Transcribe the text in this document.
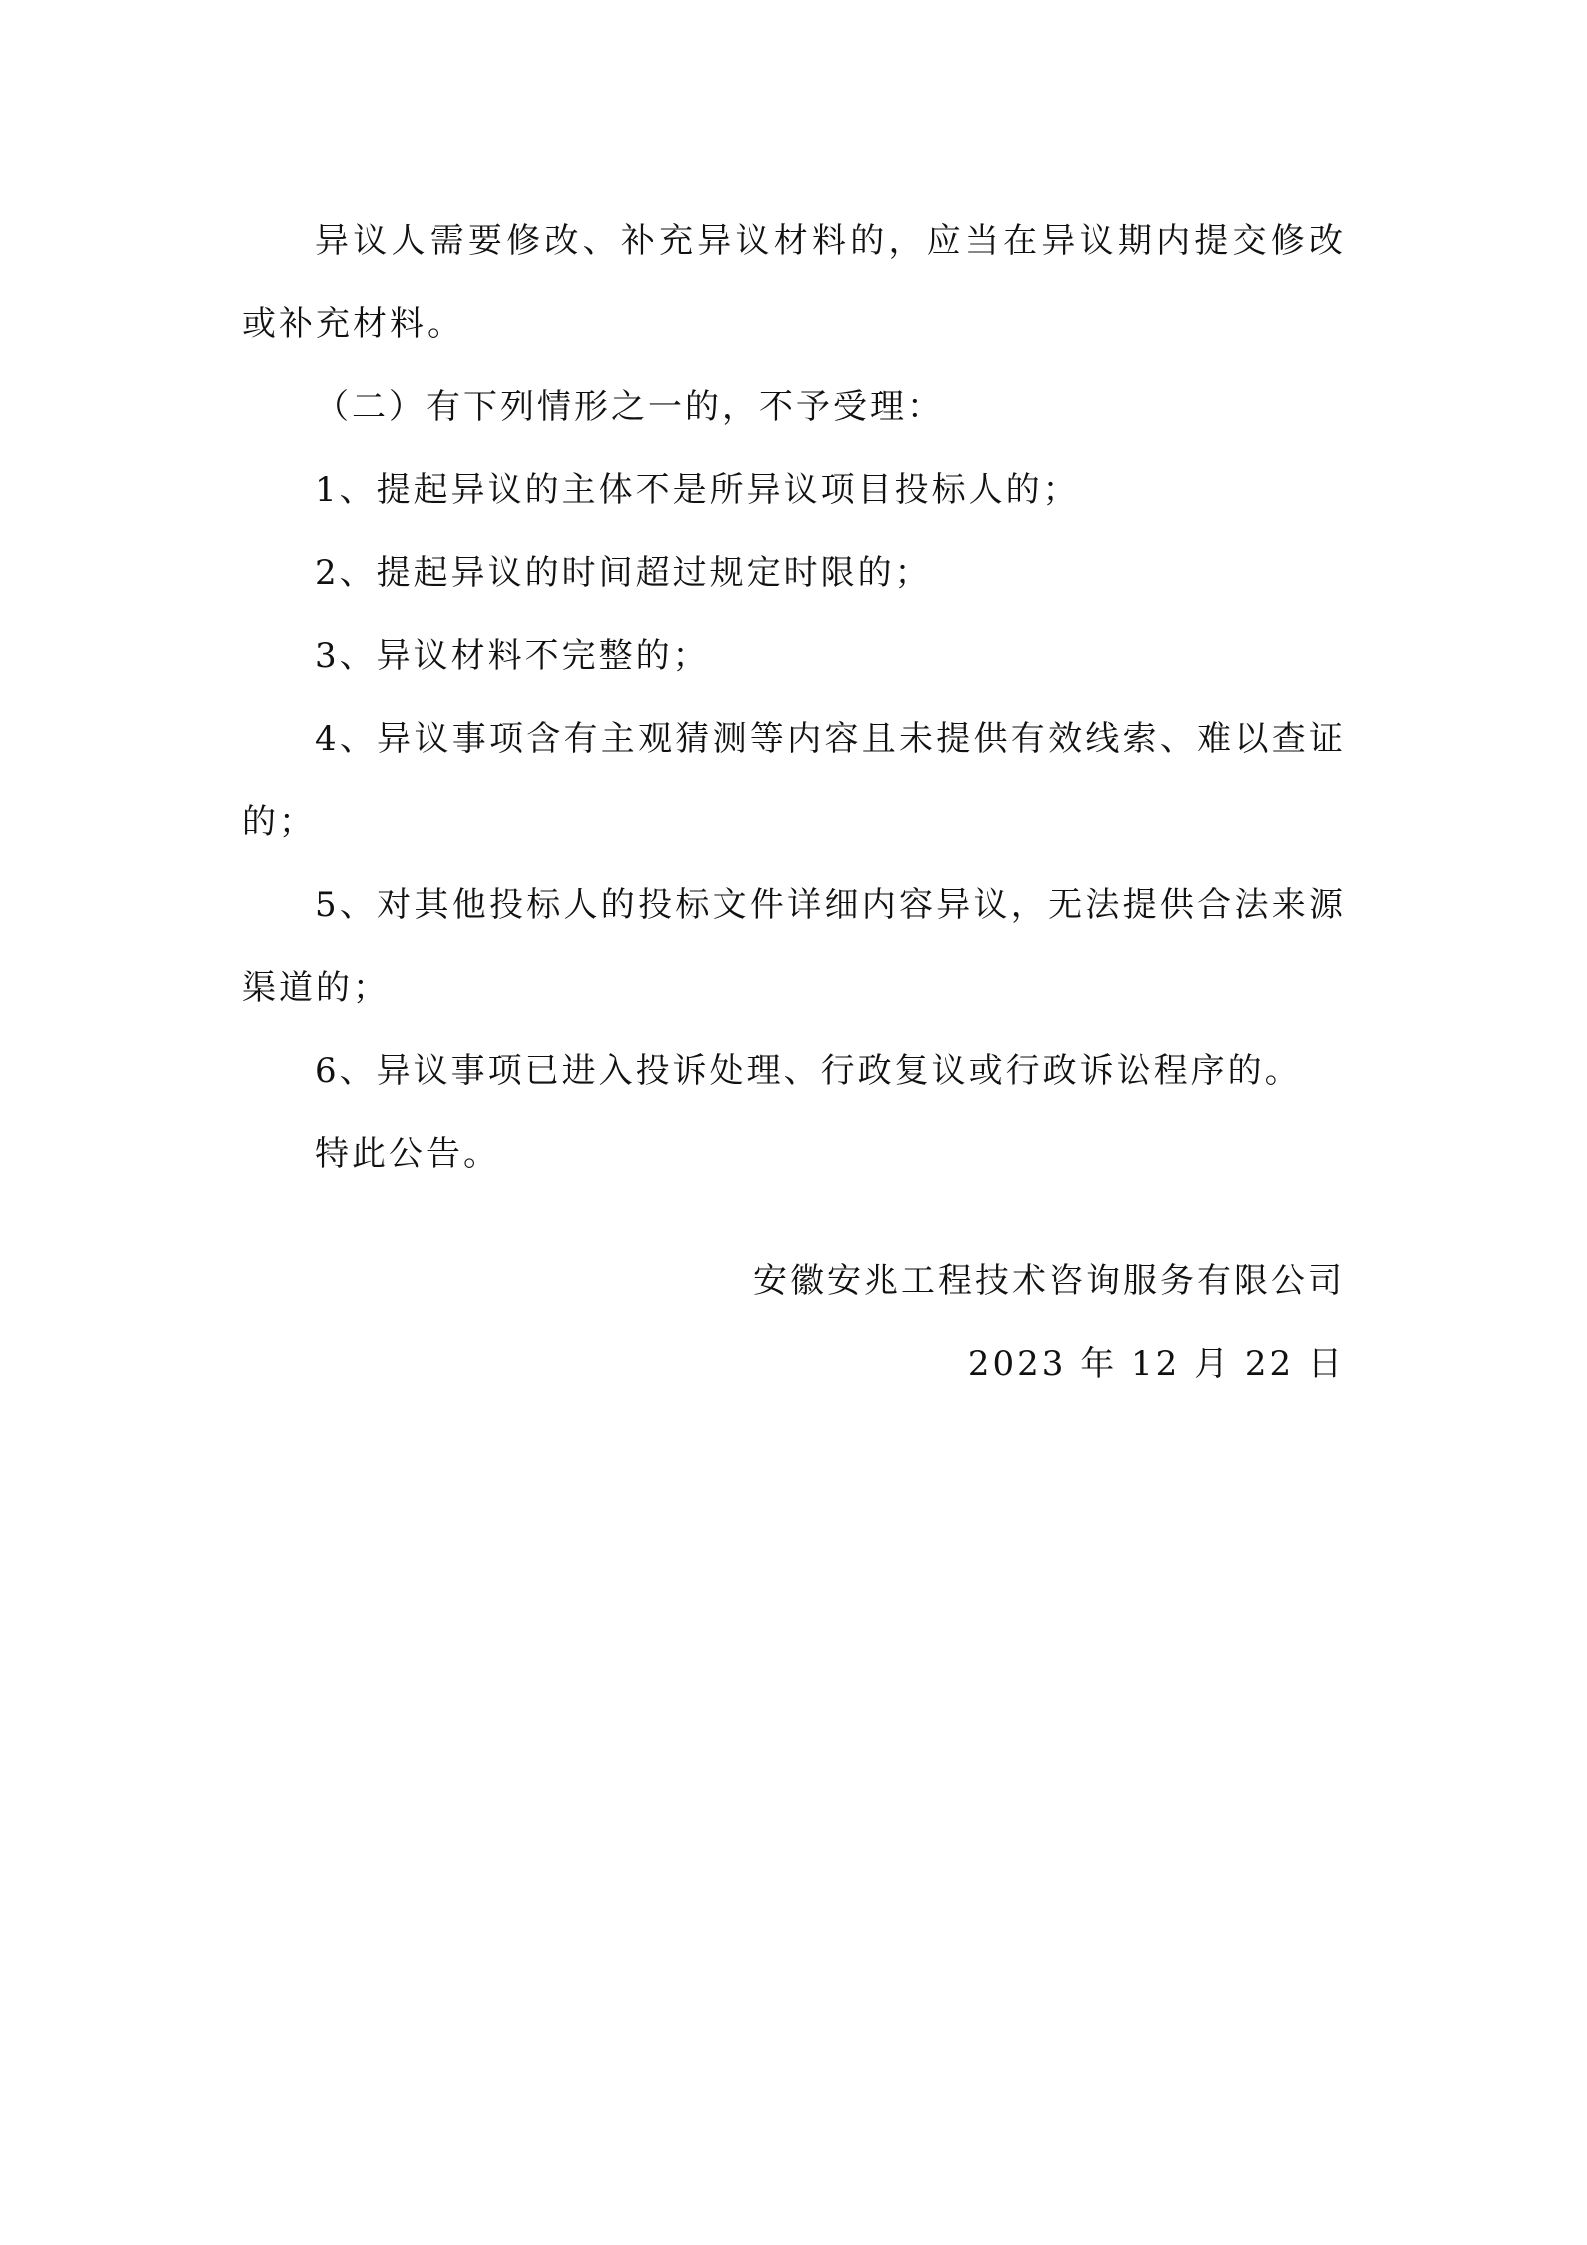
异议人需要修改、补充异议材料的，应当在异议期内提交修改或补充材料。

（二）有下列情形之一的，不予受理：

1、提起异议的主体不是所异议项目投标人的；

2、提起异议的时间超过规定时限的；

3、异议材料不完整的；

4、异议事项含有主观猜测等内容且未提供有效线索、难以查证的；

5、对其他投标人的投标文件详细内容异议，无法提供合法来源渠道的；

6、异议事项已进入投诉处理、行政复议或行政诉讼程序的。

特此公告。

安徽安兆工程技术咨询服务有限公司

2023 年 12 月 22 日
